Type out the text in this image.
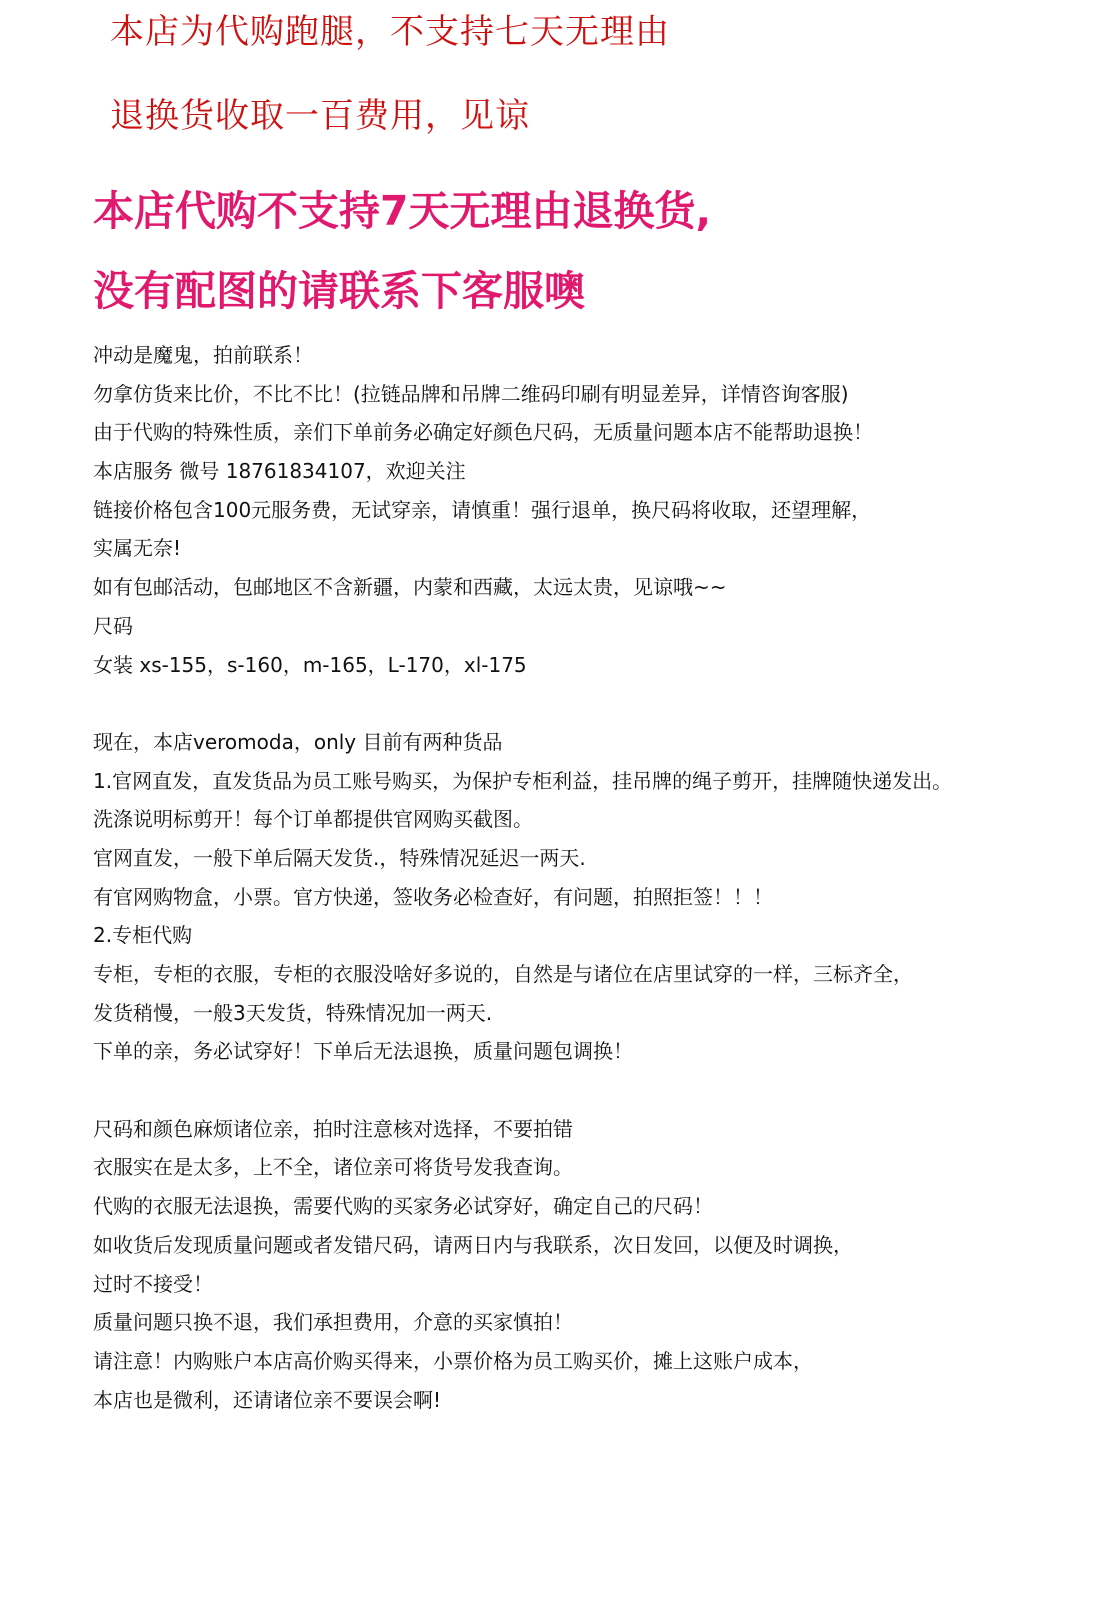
本店为代购跑腿，不支持七天无理由

退换货收取一百费用，见谅

本店代购不支持7天无理由退换货,

没有配图的请联系下客服噢

冲动是魔鬼，拍前联系！
勿拿仿货来比价，不比不比！(拉链品牌和吊牌二维码印刷有明显差异，详情咨询客服)
由于代购的特殊性质，亲们下单前务必确定好颜色尺码，无质量问题本店不能帮助退换！
本店服务 微号 18761834107，欢迎关注
链接价格包含100元服务费，无试穿亲，请慎重！强行退单，换尺码将收取，还望理解，
实属无奈!
如有包邮活动，包邮地区不含新疆，内蒙和西藏，太远太贵，见谅哦~~
尺码
女装 xs-155，s-160，m-165，L-170，xl-175
现在，本店veromoda，only 目前有两种货品
1.官网直发，直发货品为员工账号购买，为保护专柜利益，挂吊牌的绳子剪开，挂牌随快递发出。
洗涤说明标剪开！每个订单都提供官网购买截图。
官网直发，一般下单后隔天发货.，特殊情况延迟一两天.
有官网购物盒，小票。官方快递，签收务必检查好，有问题，拍照拒签！！！
2.专柜代购
专柜，专柜的衣服，专柜的衣服没啥好多说的，自然是与诸位在店里试穿的一样，三标齐全，
发货稍慢，一般3天发货，特殊情况加一两天.
下单的亲，务必试穿好！下单后无法退换，质量问题包调换！
尺码和颜色麻烦诸位亲，拍时注意核对选择，不要拍错
衣服实在是太多，上不全，诸位亲可将货号发我查询。
代购的衣服无法退换，需要代购的买家务必试穿好，确定自己的尺码！
如收货后发现质量问题或者发错尺码，请两日内与我联系，次日发回，以便及时调换，
过时不接受！
质量问题只换不退，我们承担费用，介意的买家慎拍！
请注意！内购账户本店高价购买得来，小票价格为员工购买价，摊上这账户成本，
本店也是微利，还请诸位亲不要误会啊!
